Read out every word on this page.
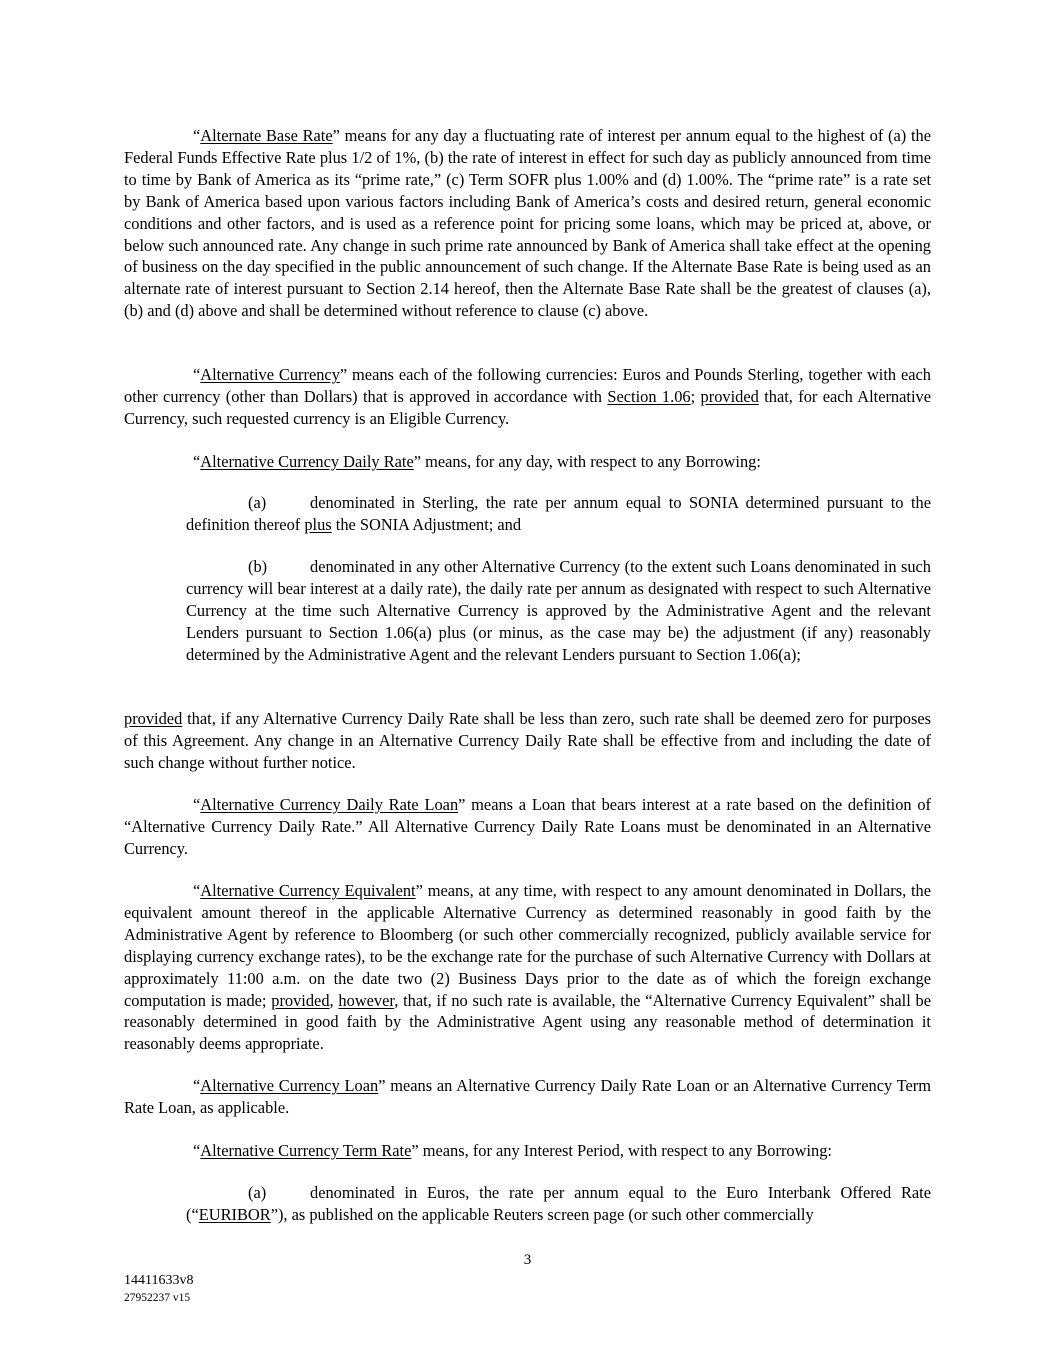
“Alternate Base Rate” means for any day a fluctuating rate of interest per annum equal to the highest of (a) the Federal Funds Effective Rate plus 1/2 of 1%, (b) the rate of interest in effect for such day as publicly announced from time to time by Bank of America as its “prime rate,” (c) Term SOFR plus 1.00% and (d) 1.00%. The “prime rate” is a rate set by Bank of America based upon various factors including Bank of America’s costs and desired return, general economic conditions and other factors, and is used as a reference point for pricing some loans, which may be priced at, above, or below such announced rate. Any change in such prime rate announced by Bank of America shall take effect at the opening of business on the day specified in the public announcement of such change. If the Alternate Base Rate is being used as an alternate rate of interest pursuant to Section 2.14 hereof, then the Alternate Base Rate shall be the greatest of clauses (a), (b) and (d) above and shall be determined without reference to clause (c) above.

“Alternative Currency” means each of the following currencies: Euros and Pounds Sterling, together with each other currency (other than Dollars) that is approved in accordance with Section 1.06; provided that, for each Alternative Currency, such requested currency is an Eligible Currency.

“Alternative Currency Daily Rate” means, for any day, with respect to any Borrowing:

(a)	denominated in Sterling, the rate per annum equal to SONIA determined pursuant to the definition thereof plus the SONIA Adjustment; and

(b)	denominated in any other Alternative Currency (to the extent such Loans denominated in such currency will bear interest at a daily rate), the daily rate per annum as designated with respect to such Alternative Currency at the time such Alternative Currency is approved by the Administrative Agent and the relevant Lenders pursuant to Section 1.06(a) plus (or minus, as the case may be) the adjustment (if any) reasonably determined by the Administrative Agent and the relevant Lenders pursuant to Section 1.06(a);

provided that, if any Alternative Currency Daily Rate shall be less than zero, such rate shall be deemed zero for purposes of this Agreement. Any change in an Alternative Currency Daily Rate shall be effective from and including the date of such change without further notice.

“Alternative Currency Daily Rate Loan” means a Loan that bears interest at a rate based on the definition of “Alternative Currency Daily Rate.” All Alternative Currency Daily Rate Loans must be denominated in an Alternative Currency.

“Alternative Currency Equivalent” means, at any time, with respect to any amount denominated in Dollars, the equivalent amount thereof in the applicable Alternative Currency as determined reasonably in good faith by the Administrative Agent by reference to Bloomberg (or such other commercially recognized, publicly available service for displaying currency exchange rates), to be the exchange rate for the purchase of such Alternative Currency with Dollars at approximately 11:00 a.m. on the date two (2) Business Days prior to the date as of which the foreign exchange computation is made; provided, however, that, if no such rate is available, the “Alternative Currency Equivalent” shall be reasonably determined in good faith by the Administrative Agent using any reasonable method of determination it reasonably deems appropriate.

“Alternative Currency Loan” means an Alternative Currency Daily Rate Loan or an Alternative Currency Term Rate Loan, as applicable.

“Alternative Currency Term Rate” means, for any Interest Period, with respect to any Borrowing:

(a)	denominated in Euros, the rate per annum equal to the Euro Interbank Offered Rate (“EURIBOR”), as published on the applicable Reuters screen page (or such other commercially

3
14411633v8
27952237 v15
